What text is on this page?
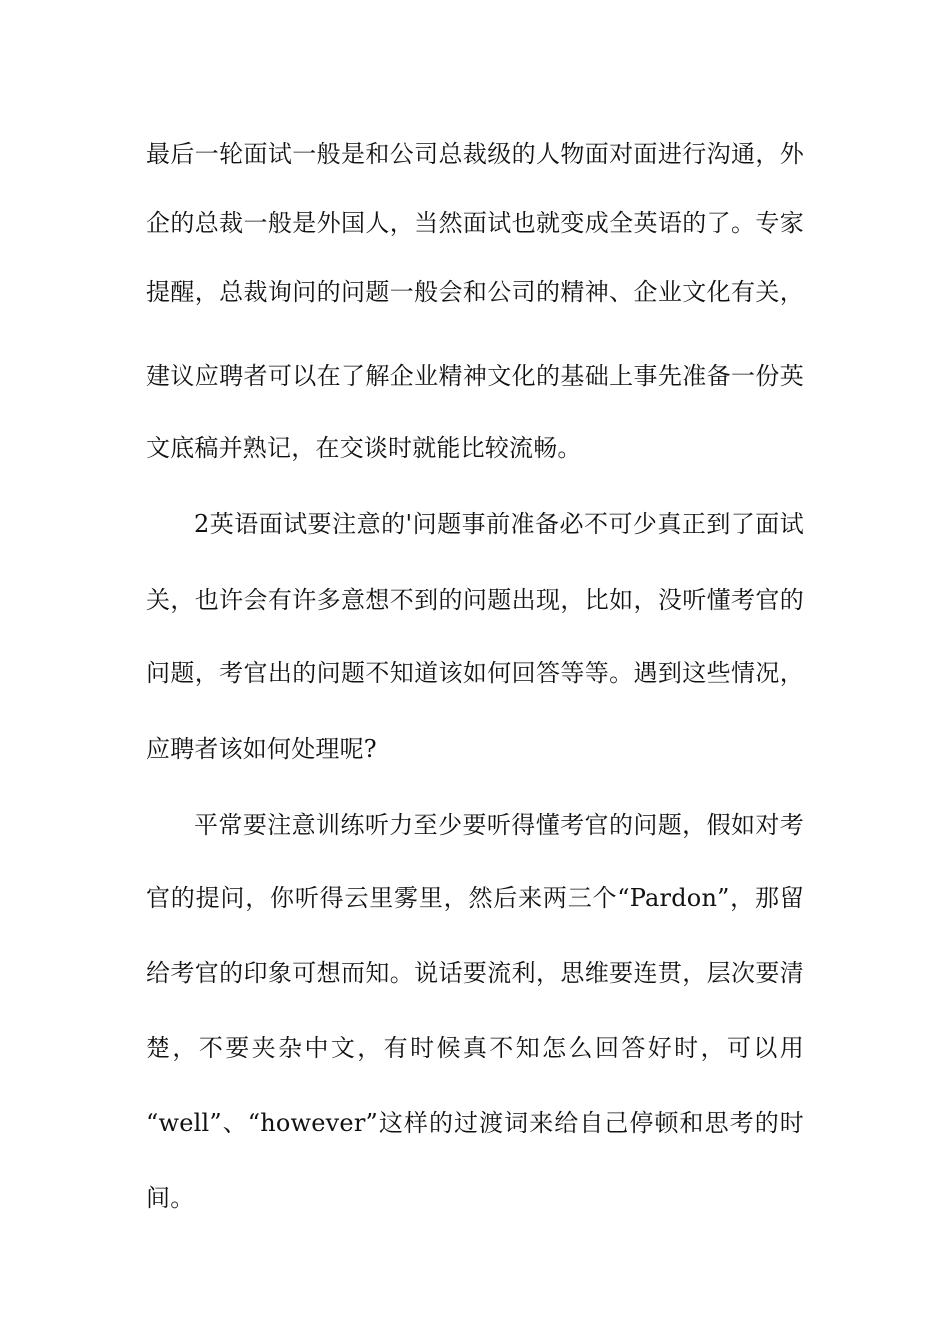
最后一轮面试一般是和公司总裁级的人物面对面进行沟通，外
企的总裁一般是外国人，当然面试也就变成全英语的了。专家
提醒，总裁询问的问题一般会和公司的精神、企业文化有关，
建议应聘者可以在了解企业精神文化的基础上事先准备一份英
文底稿并熟记，在交谈时就能比较流畅。
2英语面试要注意的'问题事前准备必不可少真正到了面试
关，也许会有许多意想不到的问题出现，比如，没听懂考官的
问题，考官出的问题不知道该如何回答等等。遇到这些情况，
应聘者该如何处理呢?
平常要注意训练听力至少要听得懂考官的问题，假如对考
官的提问，你听得云里雾里，然后来两三个“Pardon”，那留
给考官的印象可想而知。说话要流利，思维要连贯，层次要清
楚，不要夹杂中文，有时候真不知怎么回答好时，可以用
“well”、“however”这样的过渡词来给自己停顿和思考的时
间。
